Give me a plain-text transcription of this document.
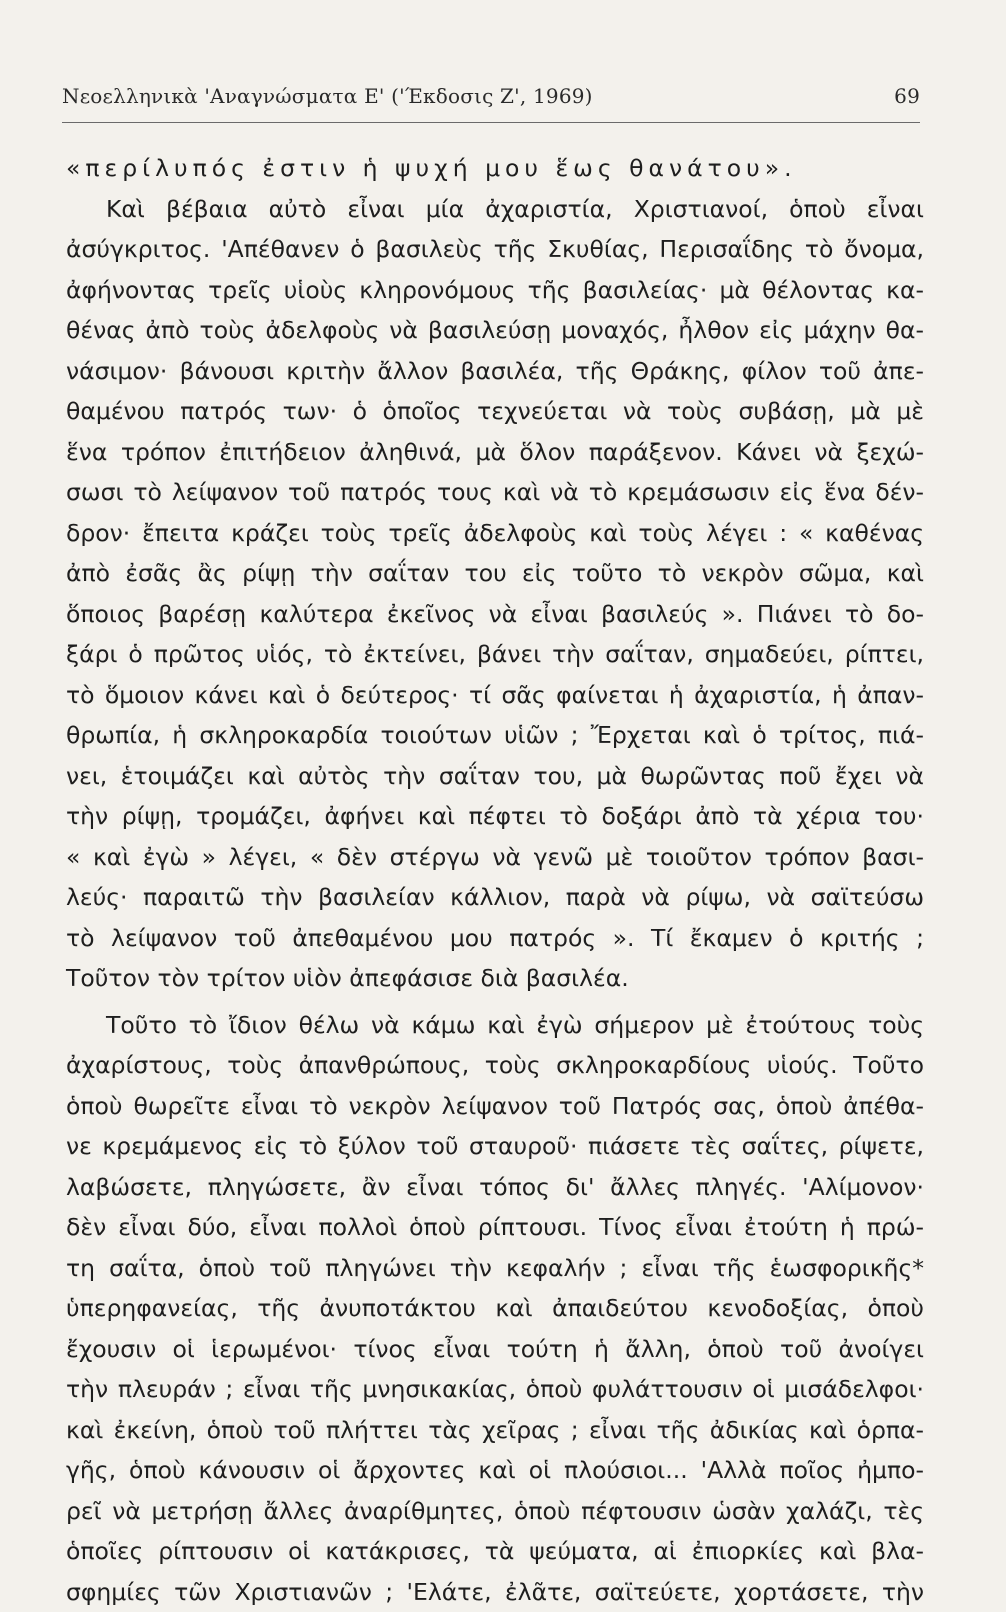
Νεοελληνικὰ 'Αναγνώσματα Ε' ('Έκδοσις Ζ', 1969)	69
«περίλυπός ἐστιν ἡ ψυχή μου ἕως θανάτου».
Καὶ βέβαια αὐτὸ εἶναι μία ἀχαριστία, Χριστιανοί, ὁποὺ εἶναι
ἀσύγκριτος. 'Απέθανεν ὁ βασιλεὺς τῆς Σκυθίας, Περισαΐδης τὸ ὄνομα,
ἀφήνοντας τρεῖς υἱοὺς κληρονόμους τῆς βασιλείας· μὰ θέλοντας κα-
θένας ἀπὸ τοὺς ἀδελφοὺς νὰ βασιλεύσῃ μοναχός, ἦλθον εἰς μάχην θα-
νάσιμον· βάνουσι κριτὴν ἄλλον βασιλέα, τῆς Θράκης, φίλον τοῦ ἀπε-
θαμένου πατρός των· ὁ ὁποῖος τεχνεύεται νὰ τοὺς συβάσῃ, μὰ μὲ
ἕνα τρόπον ἐπιτήδειον ἀληθινά, μὰ ὅλον παράξενον. Κάνει νὰ ξεχώ-
σωσι τὸ λείψανον τοῦ πατρός τους καὶ νὰ τὸ κρεμάσωσιν εἰς ἕνα δέν-
δρον· ἔπειτα κράζει τοὺς τρεῖς ἀδελφοὺς καὶ τοὺς λέγει : « καθένας
ἀπὸ ἐσᾶς ἂς ρίψῃ τὴν σαΐταν του εἰς τοῦτο τὸ νεκρὸν σῶμα, καὶ
ὅποιος βαρέσῃ καλύτερα ἐκεῖνος νὰ εἶναι βασιλεύς ». Πιάνει τὸ δο-
ξάρι ὁ πρῶτος υἱός, τὸ ἐκτείνει, βάνει τὴν σαΐταν, σημαδεύει, ρίπτει,
τὸ ὅμοιον κάνει καὶ ὁ δεύτερος· τί σᾶς φαίνεται ἡ ἀχαριστία, ἡ ἀπαν-
θρωπία, ἡ σκληροκαρδία τοιούτων υἱῶν ; Ἔρχεται καὶ ὁ τρίτος, πιά-
νει, ἑτοιμάζει καὶ αὐτὸς τὴν σαΐταν του, μὰ θωρῶντας ποῦ ἔχει νὰ
τὴν ρίψῃ, τρομάζει, ἀφήνει καὶ πέφτει τὸ δοξάρι ἀπὸ τὰ χέρια του·
« καὶ ἐγὼ » λέγει, « δὲν στέργω νὰ γενῶ μὲ τοιοῦτον τρόπον βασι-
λεύς· παραιτῶ τὴν βασιλείαν κάλλιον, παρὰ νὰ ρίψω, νὰ σαϊτεύσω
τὸ λείψανον τοῦ ἀπεθαμένου μου πατρός ». Τί ἔκαμεν ὁ κριτής ;
Τοῦτον τὸν τρίτον υἱὸν ἀπεφάσισε διὰ βασιλέα.
Τοῦτο τὸ ἴδιον θέλω νὰ κάμω καὶ ἐγὼ σήμερον μὲ ἐτούτους τοὺς
ἀχαρίστους, τοὺς ἀπανθρώπους, τοὺς σκληροκαρδίους υἱούς. Τοῦτο
ὁποὺ θωρεῖτε εἶναι τὸ νεκρὸν λείψανον τοῦ Πατρός σας, ὁποὺ ἀπέθα-
νε κρεμάμενος εἰς τὸ ξύλον τοῦ σταυροῦ· πιάσετε τὲς σαΐτες, ρίψετε,
λαβώσετε, πληγώσετε, ἂν εἶναι τόπος δι' ἄλλες πληγές. 'Αλίμονον·
δὲν εἶναι δύο, εἶναι πολλοὶ ὁποὺ ρίπτουσι. Τίνος εἶναι ἐτούτη ἡ πρώ-
τη σαΐτα, ὁποὺ τοῦ πληγώνει τὴν κεφαλήν ; εἶναι τῆς ἑωσφορικῆς*
ὑπερηφανείας, τῆς ἀνυποτάκτου καὶ ἀπαιδεύτου κενοδοξίας, ὁποὺ
ἔχουσιν οἱ ἱερωμένοι· τίνος εἶναι τούτη ἡ ἄλλη, ὁποὺ τοῦ ἀνοίγει
τὴν πλευράν ; εἶναι τῆς μνησικακίας, ὁποὺ φυλάττουσιν οἱ μισάδελφοι·
καὶ ἐκείνη, ὁποὺ τοῦ πλήττει τὰς χεῖρας ; εἶναι τῆς ἀδικίας καὶ ὁρπα-
γῆς, ὁποὺ κάνουσιν οἱ ἄρχοντες καὶ οἱ πλούσιοι... 'Αλλὰ ποῖος ἠμπο-
ρεῖ νὰ μετρήσῃ ἄλλες ἀναρίθμητες, ὁποὺ πέφτουσιν ὡσὰν χαλάζι, τὲς
ὁποῖες ρίπτουσιν οἱ κατάκρισες, τὰ ψεύματα, αἱ ἐπιορκίες καὶ βλα-
σφημίες τῶν Χριστιανῶν ; 'Ελάτε, ἐλᾶτε, σαϊτεύετε, χορτάσετε, τὴν
